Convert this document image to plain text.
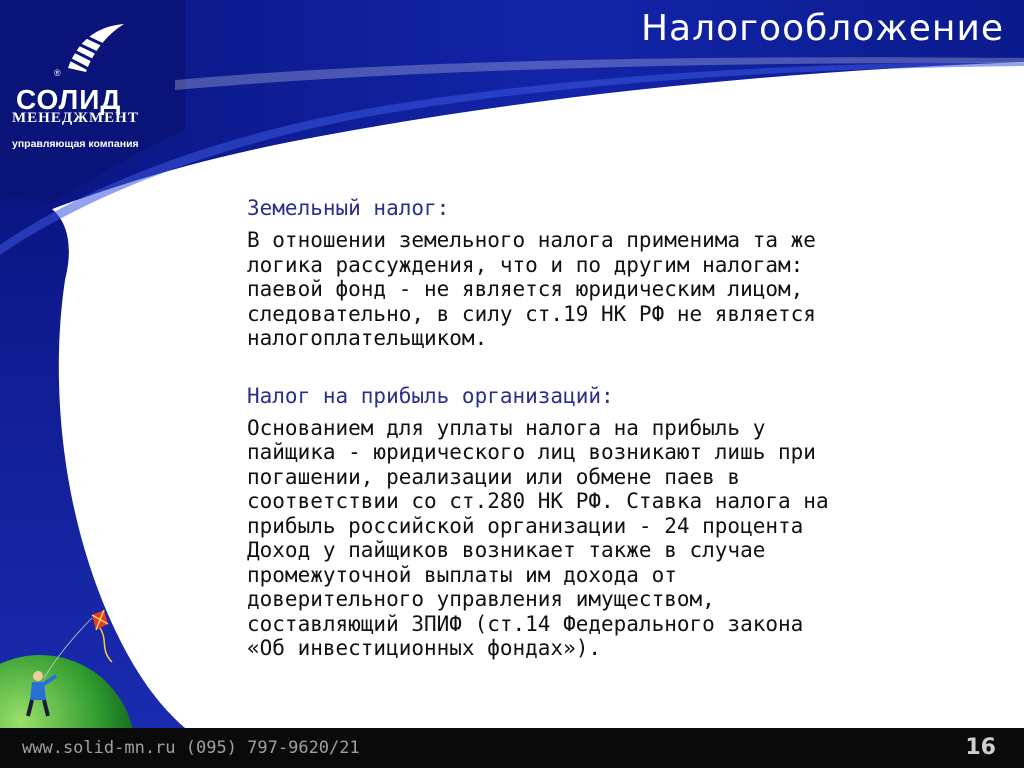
®
СОЛИД
МЕНЕДЖМЕНТ
управляющая компания
Налогообложение

Земельный налог:

В отношении земельного налога применима та же
логика рассуждения, что и по другим налогам:
паевой фонд - не является юридическим лицом,
следовательно, в силу ст.19 НК РФ не является
налогоплательщиком.

Налог на прибыль организаций:

Основанием для уплаты налога на прибыль у
пайщика - юридического лиц возникают лишь при
погашении, реализации или обмене паев в
соответствии со ст.280 НК РФ. Ставка налога на
прибыль российской организации - 24 процента
Доход у пайщиков возникает также в случае
промежуточной выплаты им дохода от
доверительного управления имуществом,
составляющий ЗПИФ (ст.14 Федерального закона
«Об инвестиционных фондах»).

www.solid-mn.ru (095) 797-9620/21	16
